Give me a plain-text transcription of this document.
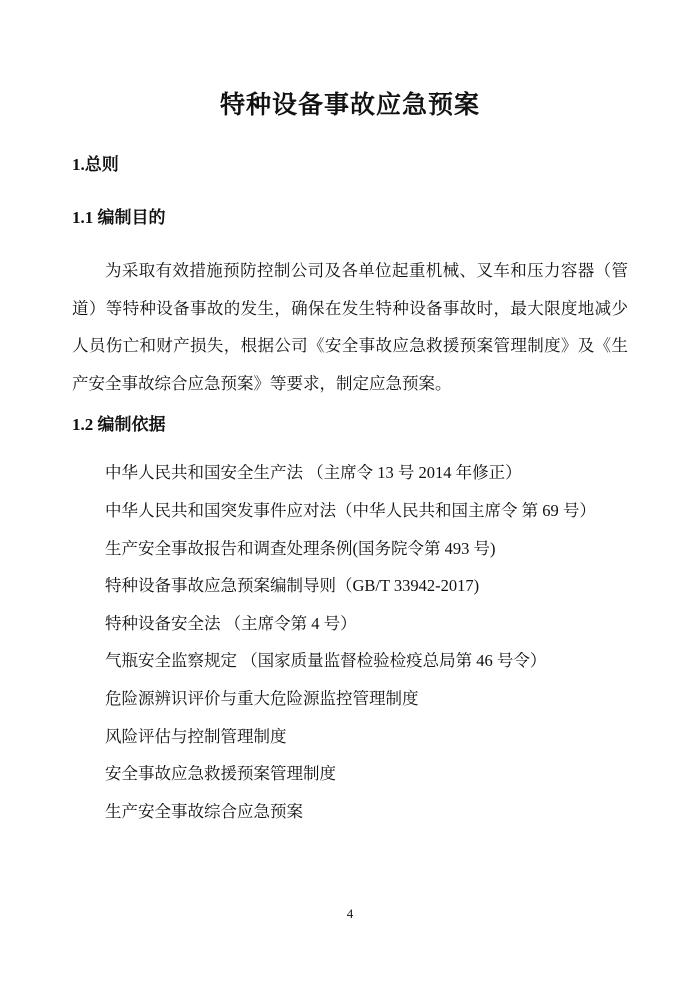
特种设备事故应急预案
1.总则
1.1 编制目的

为采取有效措施预防控制公司及各单位起重机械、叉车和压力容器（管道）等特种设备事故的发生，确保在发生特种设备事故时，最大限度地减少人员伤亡和财产损失，根据公司《安全事故应急救援预案管理制度》及《生产安全事故综合应急预案》等要求，制定应急预案。

1.2 编制依据
中华人民共和国安全生产法 （主席令 13 号 2014 年修正）
中华人民共和国突发事件应对法（中华人民共和国主席令 第 69 号）
生产安全事故报告和调查处理条例(国务院令第 493 号)
特种设备事故应急预案编制导则（GB/T 33942-2017)
特种设备安全法 （主席令第 4 号）
气瓶安全监察规定 （国家质量监督检验检疫总局第 46 号令）
危险源辨识评价与重大危险源监控管理制度
风险评估与控制管理制度
安全事故应急救援预案管理制度
生产安全事故综合应急预案
4
